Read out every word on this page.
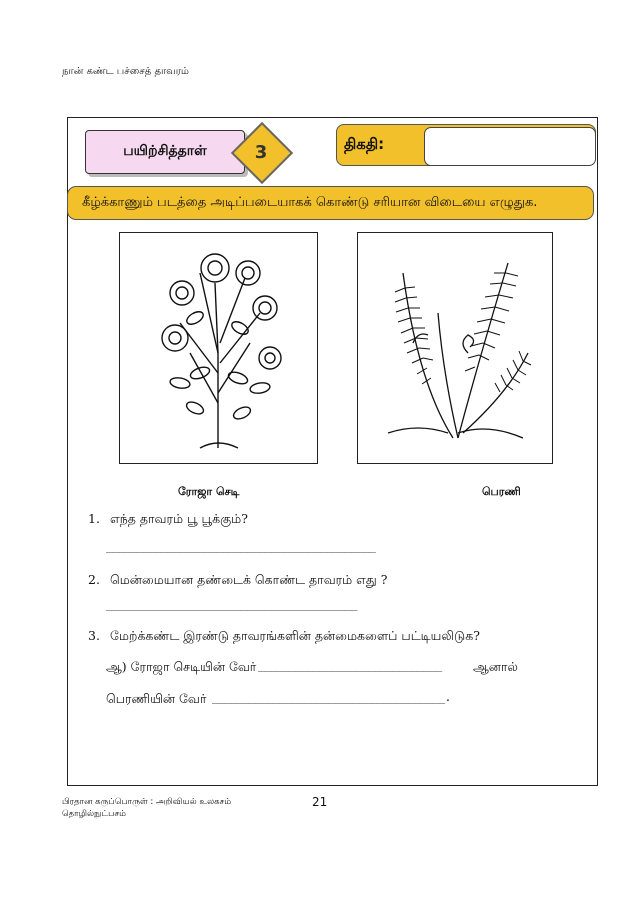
நான் கண்ட பச்சைத் தாவரம்
பயிற்சித்தாள்	3	திகதி:
கீழ்க்காணும் படத்தை அடிப்படையாகக் கொண்டு சரியான விடையை எழுதுக.
ரோஜா செடி	பெரணி
1. எந்த தாவரம் பூ பூக்கும்?
____________________________________________
2. மென்மையான தண்டைக் கொண்ட தாவரம் எது ?
_________________________________________
3. மேற்க்கண்ட இரண்டு தாவரங்களின் தன்மைகளைப் பட்டியலிடுக?
ஆ) ரோஜா செடியின் வேர் ______________________________	ஆனால்
பெரணியின் வேர் ______________________________________.
பிரதான கருப்பொருள் : அறிவியல் உலகசம்
தொழில்நுட்பசம்
21
